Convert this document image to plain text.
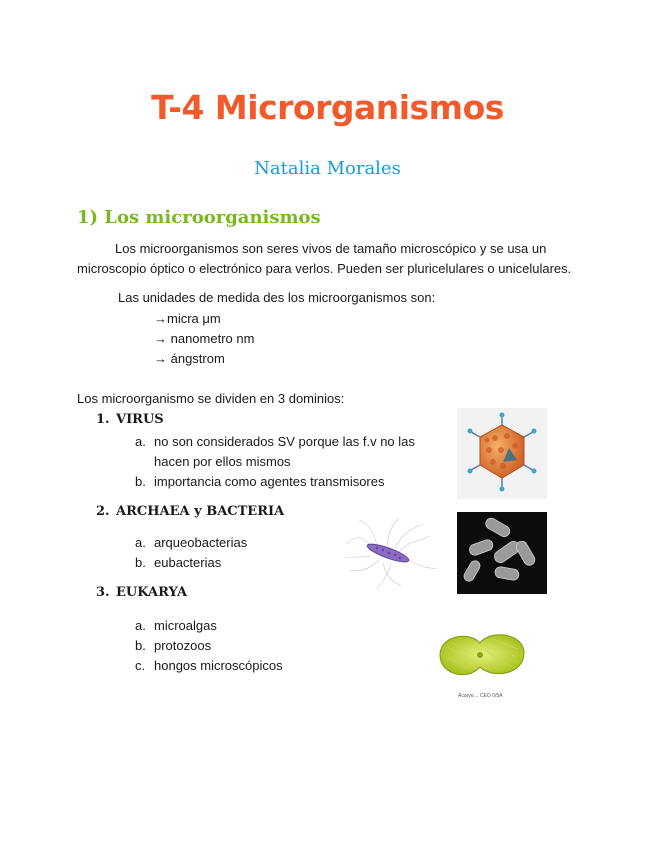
T-4 Microrganismos
Natalia Morales
1) Los microorganismos
Los microorganismos son seres vivos de tamaño microscópico y se usa un
microscopio óptico o electrónico para verlos. Pueden ser pluricelulares o unicelulares.
Las unidades de medida des los microorganismos son:
→micra μm
→ nanometro nm
→ ángstrom
Los microorganismo se dividen en 3 dominios:
1. VIRUS
a. no son considerados SV porque las f.v no las
hacen por ellos mismos
b. importancia como agentes transmisores
2. ARCHAEA y BACTERIA
a. arqueobacterias
b. eubacterias
3. EUKARYA
a. microalgas
b. protozoos
c. hongos microscópicos
Acaryo… CEO 0/5A
